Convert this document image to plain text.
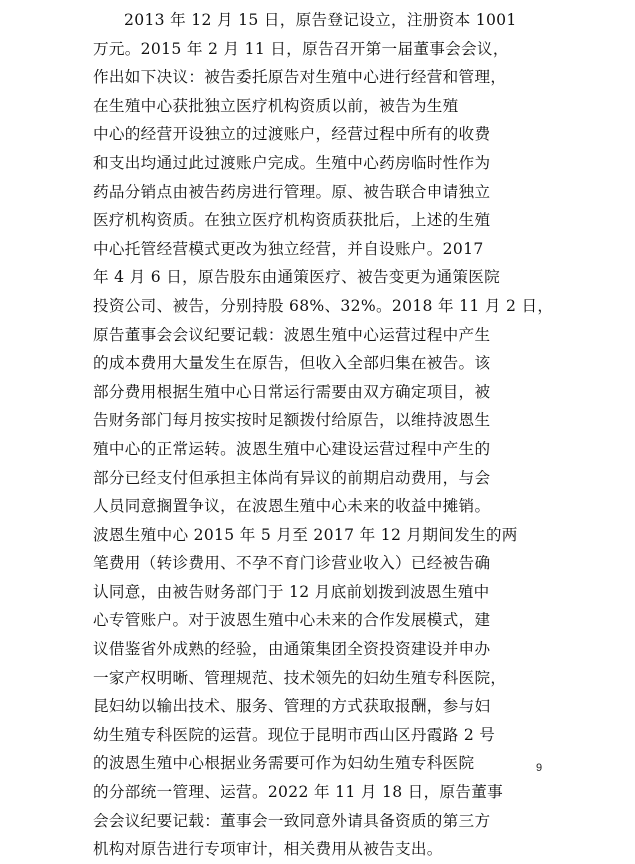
2013 年 12 月 15 日，原告登记设立，注册资本 1001
万元。2015 年 2 月 11 日，原告召开第一届董事会会议，
作出如下决议：被告委托原告对生殖中心进行经营和管理，
在生殖中心获批独立医疗机构资质以前，被告为生殖
中心的经营开设独立的过渡账户，经营过程中所有的收费
和支出均通过此过渡账户完成。生殖中心药房临时性作为
药品分销点由被告药房进行管理。原、被告联合申请独立
医疗机构资质。在独立医疗机构资质获批后，上述的生殖
中心托管经营模式更改为独立经营，并自设账户。2017
年 4 月 6 日，原告股东由通策医疗、被告变更为通策医院
投资公司、被告，分别持股 68%、32%。2018 年 11 月 2 日，
原告董事会会议纪要记载：波恩生殖中心运营过程中产生
的成本费用大量发生在原告，但收入全部归集在被告。该
部分费用根据生殖中心日常运行需要由双方确定项目，被
告财务部门每月按实按时足额拨付给原告，以维持波恩生
殖中心的正常运转。波恩生殖中心建设运营过程中产生的
部分已经支付但承担主体尚有异议的前期启动费用，与会
人员同意搁置争议，在波恩生殖中心未来的收益中摊销。
波恩生殖中心 2015 年 5 月至 2017 年 12 月期间发生的两
笔费用（转诊费用、不孕不育门诊营业收入）已经被告确
认同意，由被告财务部门于 12 月底前划拨到波恩生殖中
心专管账户。对于波恩生殖中心未来的合作发展模式，建
议借鉴省外成熟的经验，由通策集团全资投资建设并申办
一家产权明晰、管理规范、技术领先的妇幼生殖专科医院，
昆妇幼以输出技术、服务、管理的方式获取报酬，参与妇
幼生殖专科医院的运营。现位于昆明市西山区丹霞路 2 号
的波恩生殖中心根据业务需要可作为妇幼生殖专科医院
的分部统一管理、运营。2022 年 11 月 18 日，原告董事
会会议纪要记载：董事会一致同意外请具备资质的第三方
机构对原告进行专项审计，相关费用从被告支出。
9
